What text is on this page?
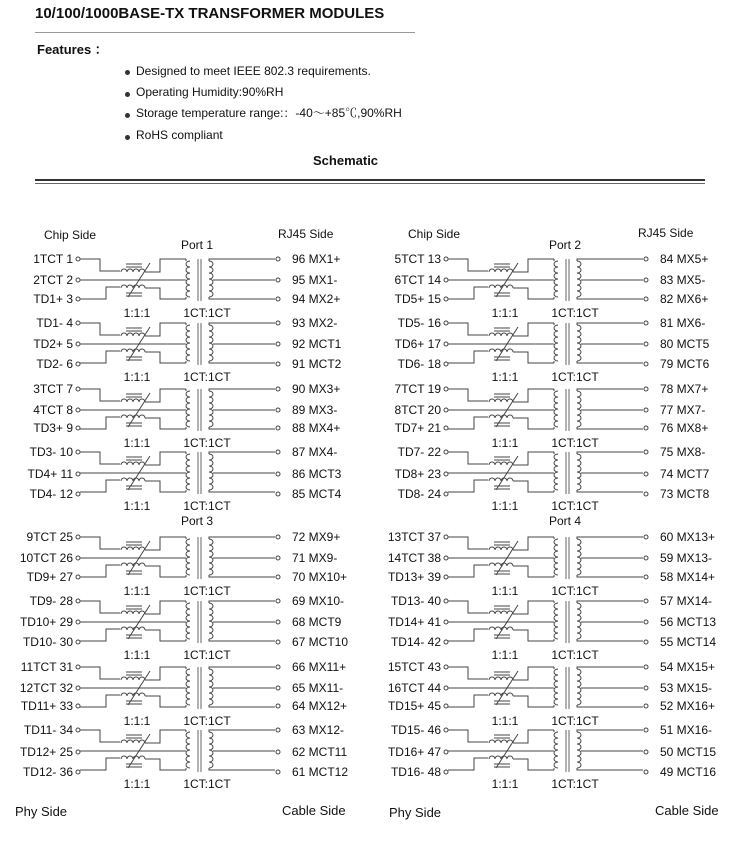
10/100/1000BASE-TX TRANSFORMER MODULES
Features ：
Designed to meet IEEE 802.3 requirements.
Operating Humidity:90%RH
Storage temperature range:：-40～+85℃,90%RH
RoHS compliant
Schematic
Chip Side	RJ45 Side	Chip Side	RJ45 Side
Phy Side	Cable Side	Phy Side	Cable Side
Port 1
1TCT 1
2TCT 2
TD1+ 3
TD1- 4
TD2+ 5
TD2- 6
3TCT 7
4TCT 8
TD3+ 9
TD3- 10
TD4+ 11
TD4- 12
96 MX1+
95 MX1-
94 MX2+
93 MX2-
92 MCT1
91 MCT2
90 MX3+
89 MX3-
88 MX4+
87 MX4-
86 MCT3
85 MCT4
1:1:1	1CT:1CT
1:1:1	1CT:1CT
1:1:1	1CT:1CT
1:1:1	1CT:1CT
Port 2
5TCT 13
6TCT 14
TD5+ 15
TD5- 16
TD6+ 17
TD6- 18
7TCT 19
8TCT 20
TD7+ 21
TD7- 22
TD8+ 23
TD8- 24
84 MX5+
83 MX5-
82 MX6+
81 MX6-
80 MCT5
79 MCT6
78 MX7+
77 MX7-
76 MX8+
75 MX8-
74 MCT7
73 MCT8
1:1:1	1CT:1CT
1:1:1	1CT:1CT
1:1:1	1CT:1CT
1:1:1	1CT:1CT
Port 3
9TCT 25
10TCT 26
TD9+ 27
TD9- 28
TD10+ 29
TD10- 30
11TCT 31
12TCT 32
TD11+ 33
TD11- 34
TD12+ 25
TD12- 36
72 MX9+
71 MX9-
70 MX10+
69 MX10-
68 MCT9
67 MCT10
66 MX11+
65 MX11-
64 MX12+
63 MX12-
62 MCT11
61 MCT12
1:1:1	1CT:1CT
1:1:1	1CT:1CT
1:1:1	1CT:1CT
1:1:1	1CT:1CT
Port 4
13TCT 37
14TCT 38
TD13+ 39
TD13- 40
TD14+ 41
TD14- 42
15TCT 43
16TCT 44
TD15+ 45
TD15- 46
TD16+ 47
TD16- 48
60 MX13+
59 MX13-
58 MX14+
57 MX14-
56 MCT13
55 MCT14
54 MX15+
53 MX15-
52 MX16+
51 MX16-
50 MCT15
49 MCT16
1:1:1	1CT:1CT
1:1:1	1CT:1CT
1:1:1	1CT:1CT
1:1:1	1CT:1CT
